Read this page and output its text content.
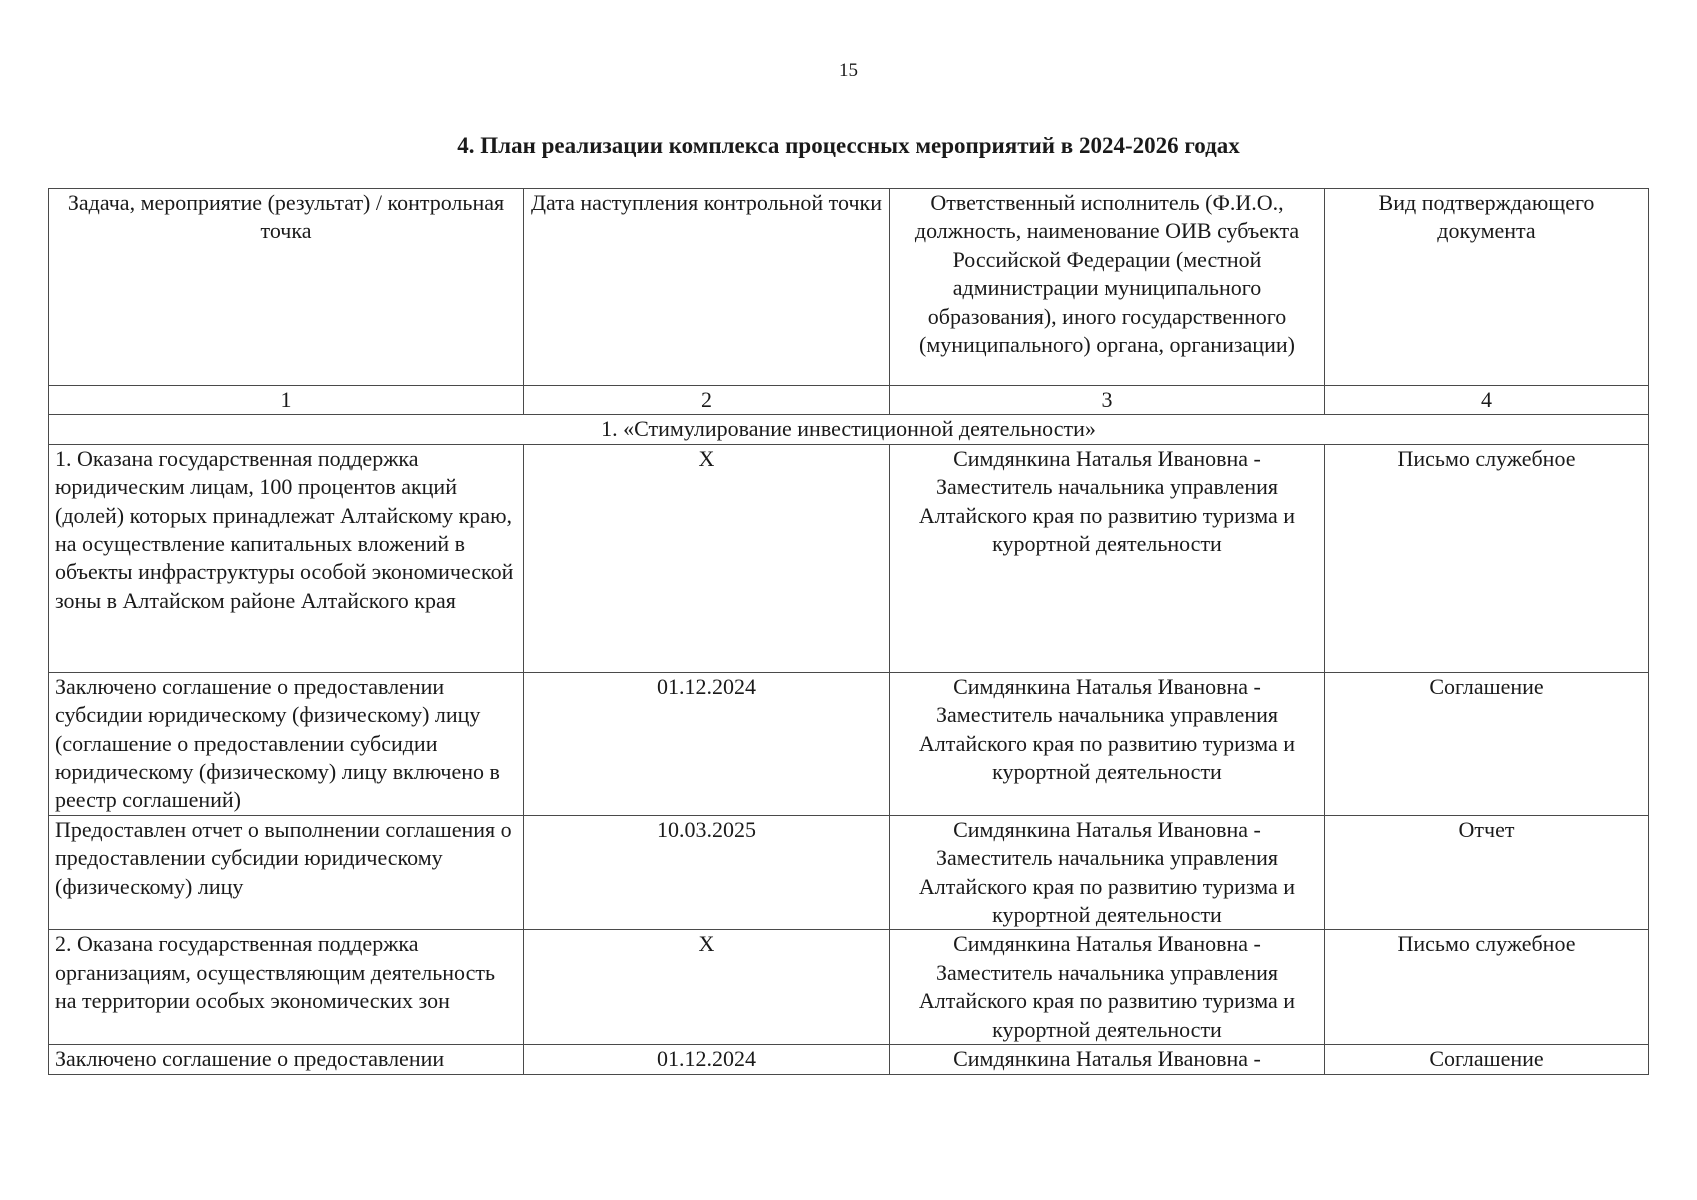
15
4. План реализации комплекса процессных мероприятий в 2024-2026 годах
Задача, мероприятие (результат) / контрольная точка	Дата наступления контрольной точки	Ответственный исполнитель (Ф.И.О., должность, наименование ОИВ субъекта Российской Федерации (местной администрации муниципального образования), иного государственного (муниципального) органа, организации)	Вид подтверждающего документа
1	2	3	4
1. «Стимулирование инвестиционной деятельности»			
1. Оказана государственная поддержка юридическим лицам, 100 процентов акций (долей) которых принадлежат Алтайскому краю, на осуществление капитальных вложений в объекты инфраструктуры особой экономической зоны в Алтайском районе Алтайского края	X	Симдянкина Наталья Ивановна - Заместитель начальника управления Алтайского края по развитию туризма и курортной деятельности	Письмо служебное
Заключено соглашение о предоставлении субсидии юридическому (физическому) лицу (соглашение о предоставлении субсидии юридическому (физическому) лицу включено в реестр соглашений)	01.12.2024	Симдянкина Наталья Ивановна - Заместитель начальника управления Алтайского края по развитию туризма и курортной деятельности	Соглашение
Предоставлен отчет о выполнении соглашения о предоставлении субсидии юридическому (физическому) лицу	10.03.2025	Симдянкина Наталья Ивановна - Заместитель начальника управления Алтайского края по развитию туризма и курортной деятельности	Отчет
2. Оказана государственная поддержка организациям, осуществляющим деятельность на территории особых экономических зон	X	Симдянкина Наталья Ивановна - Заместитель начальника управления Алтайского края по развитию туризма и курортной деятельности	Письмо служебное
Заключено соглашение о предоставлении	01.12.2024	Симдянкина Наталья Ивановна -	Соглашение
